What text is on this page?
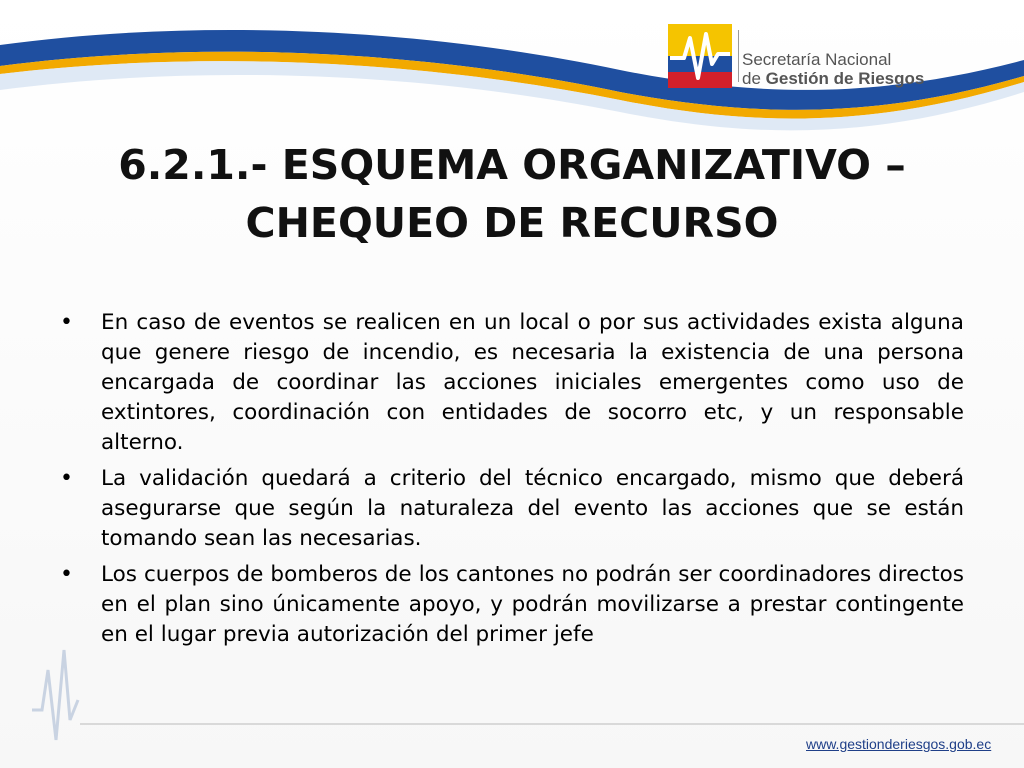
Secretaría Nacional
de Gestión de Riesgos
6.2.1.- ESQUEMA ORGANIZATIVO –
CHEQUEO DE RECURSO
•	En caso de eventos se realicen en un local o por sus actividades exista alguna que genere riesgo de incendio, es necesaria la existencia de una persona encargada de coordinar las acciones iniciales emergentes como uso de extintores, coordinación con entidades de socorro etc, y un responsable alterno.
•	La validación quedará a criterio del técnico encargado, mismo que deberá asegurarse que según la naturaleza del evento las acciones que se están tomando sean las necesarias.
•	Los cuerpos de bomberos de los cantones no podrán ser coordinadores directos en el plan sino únicamente apoyo, y podrán movilizarse a prestar contingente en el lugar previa autorización del primer jefe
www.gestionderiesgos.gob.ec
